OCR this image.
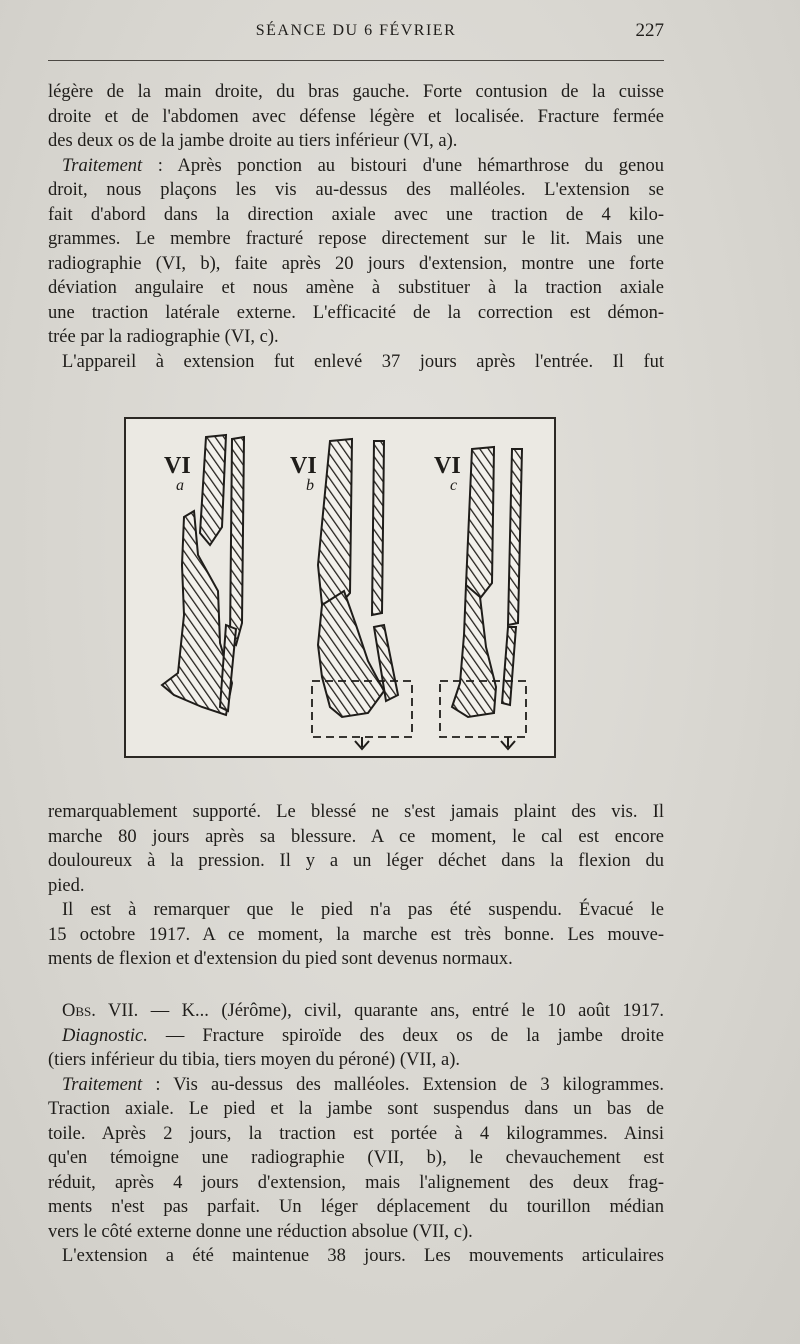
SÉANCE DU 6 FÉVRIER	227
légère de la main droite, du bras gauche. Forte contusion de la cuisse
droite et de l'abdomen avec défense légère et localisée. Fracture fermée
des deux os de la jambe droite au tiers inférieur (VI, a).
Traitement : Après ponction au bistouri d'une hémarthrose du genou
droit, nous plaçons les vis au-dessus des malléoles. L'extension se
fait d'abord dans la direction axiale avec une traction de 4 kilo-
grammes. Le membre fracturé repose directement sur le lit. Mais une
radiographie (VI, b), faite après 20 jours d'extension, montre une forte
déviation angulaire et nous amène à substituer à la traction axiale
une traction latérale externe. L'efficacité de la correction est démon-
trée par la radiographie (VI, c).
L'appareil à extension fut enlevé 37 jours après l'entrée. Il fut
VI
a
VI
b
VI
c
remarquablement supporté. Le blessé ne s'est jamais plaint des vis. Il
marche 80 jours après sa blessure. A ce moment, le cal est encore
douloureux à la pression. Il y a un léger déchet dans la flexion du
pied.
Il est à remarquer que le pied n'a pas été suspendu. Évacué le
15 octobre 1917. A ce moment, la marche est très bonne. Les mouve-
ments de flexion et d'extension du pied sont devenus normaux.
Obs. VII. — K... (Jérôme), civil, quarante ans, entré le 10 août 1917.
Diagnostic. — Fracture spiroïde des deux os de la jambe droite
(tiers inférieur du tibia, tiers moyen du péroné) (VII, a).
Traitement : Vis au-dessus des malléoles. Extension de 3 kilogrammes.
Traction axiale. Le pied et la jambe sont suspendus dans un bas de
toile. Après 2 jours, la traction est portée à 4 kilogrammes. Ainsi
qu'en témoigne une radiographie (VII, b), le chevauchement est
réduit, après 4 jours d'extension, mais l'alignement des deux frag-
ments n'est pas parfait. Un léger déplacement du tourillon médian
vers le côté externe donne une réduction absolue (VII, c).
L'extension a été maintenue 38 jours. Les mouvements articulaires
